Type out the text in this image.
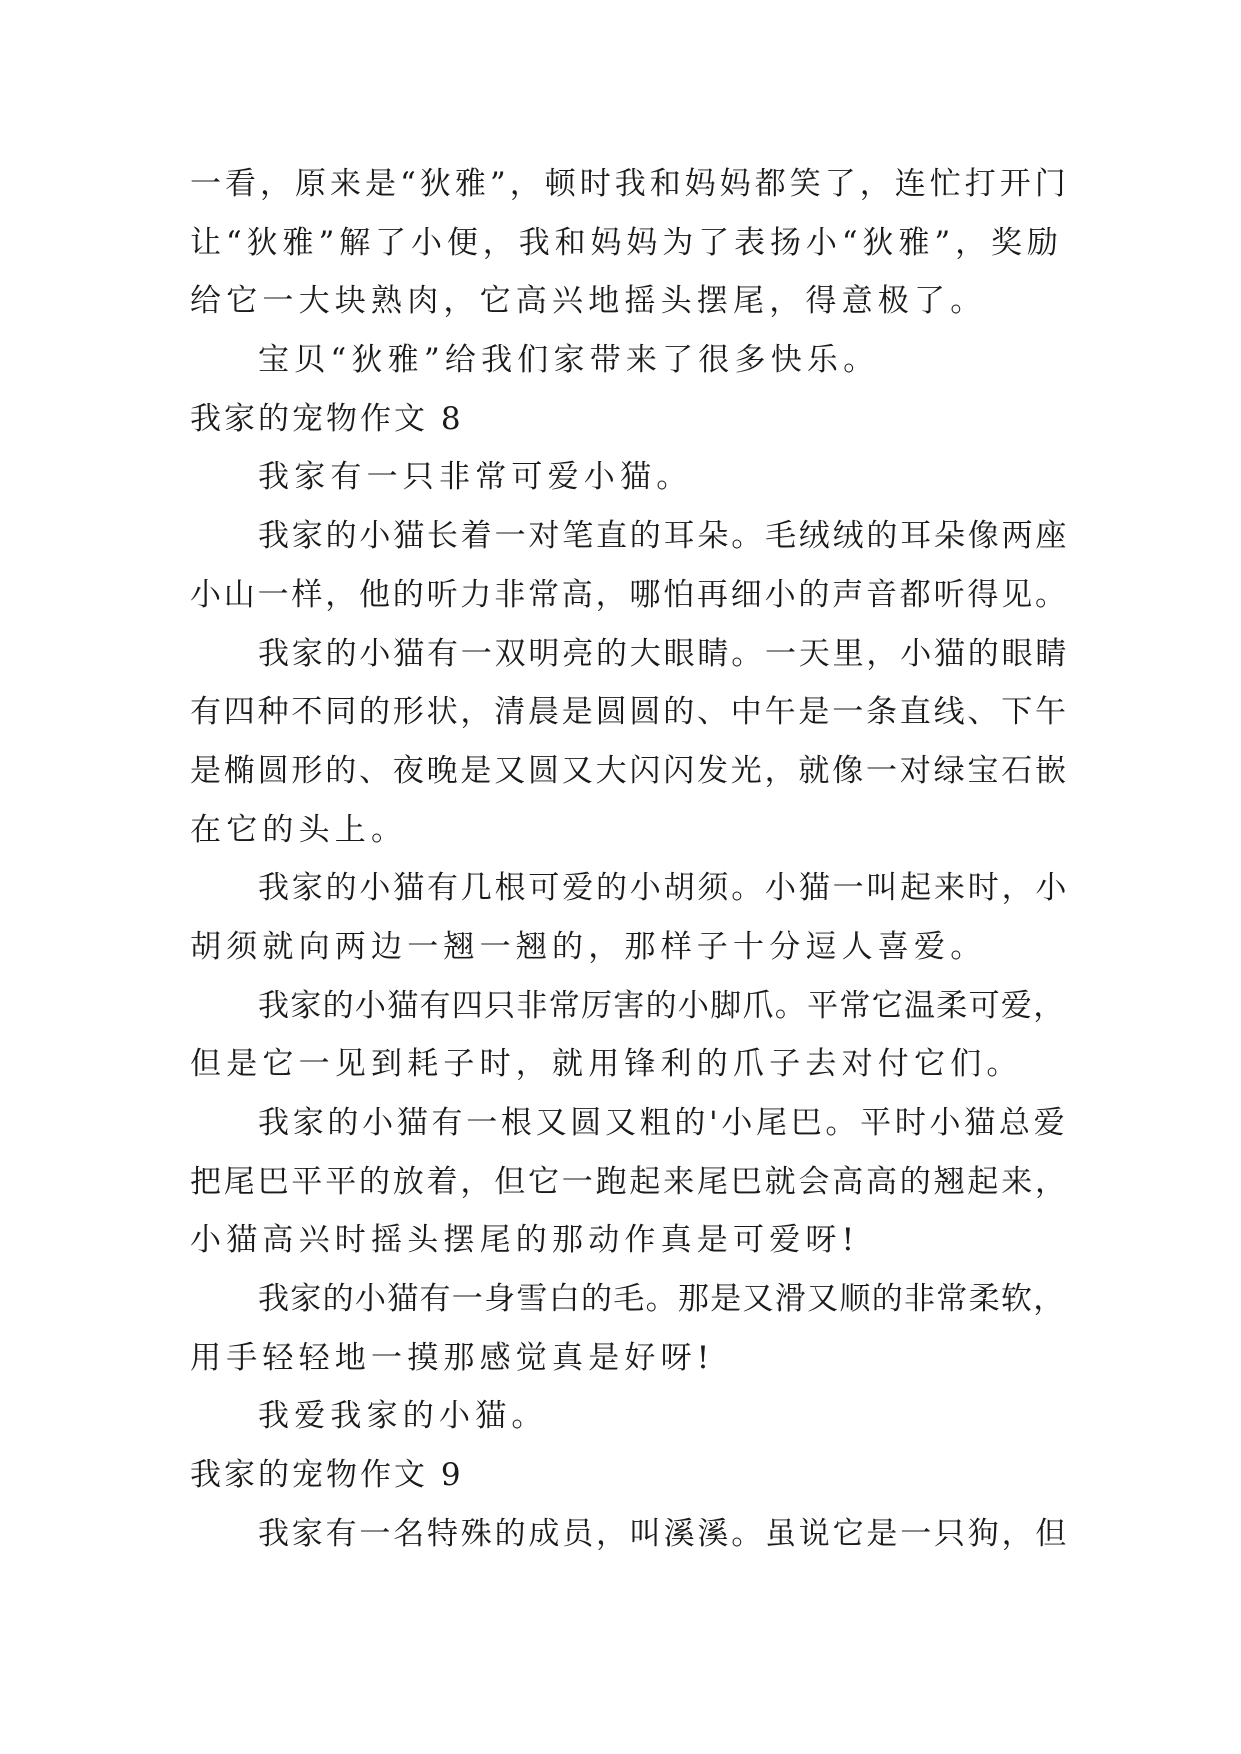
一看，原来是“狄雅”，顿时我和妈妈都笑了，连忙打开门
让“狄雅”解了小便，我和妈妈为了表扬小“狄雅”，奖励
给它一大块熟肉，它高兴地摇头摆尾，得意极了。
宝贝“狄雅”给我们家带来了很多快乐。
我家的宠物作文 8
我家有一只非常可爱小猫。
我家的小猫长着一对笔直的耳朵。毛绒绒的耳朵像两座
小山一样，他的听力非常高，哪怕再细小的声音都听得见。
我家的小猫有一双明亮的大眼睛。一天里，小猫的眼睛
有四种不同的形状，清晨是圆圆的、中午是一条直线、下午
是椭圆形的、夜晚是又圆又大闪闪发光，就像一对绿宝石嵌
在它的头上。
我家的小猫有几根可爱的小胡须。小猫一叫起来时，小
胡须就向两边一翘一翘的，那样子十分逗人喜爱。
我家的小猫有四只非常厉害的小脚爪。平常它温柔可爱，
但是它一见到耗子时，就用锋利的爪子去对付它们。
我家的小猫有一根又圆又粗的'小尾巴。平时小猫总爱
把尾巴平平的放着，但它一跑起来尾巴就会高高的翘起来，
小猫高兴时摇头摆尾的那动作真是可爱呀!
我家的小猫有一身雪白的毛。那是又滑又顺的非常柔软，
用手轻轻地一摸那感觉真是好呀!
我爱我家的小猫。
我家的宠物作文 9
我家有一名特殊的成员，叫溪溪。虽说它是一只狗，但
